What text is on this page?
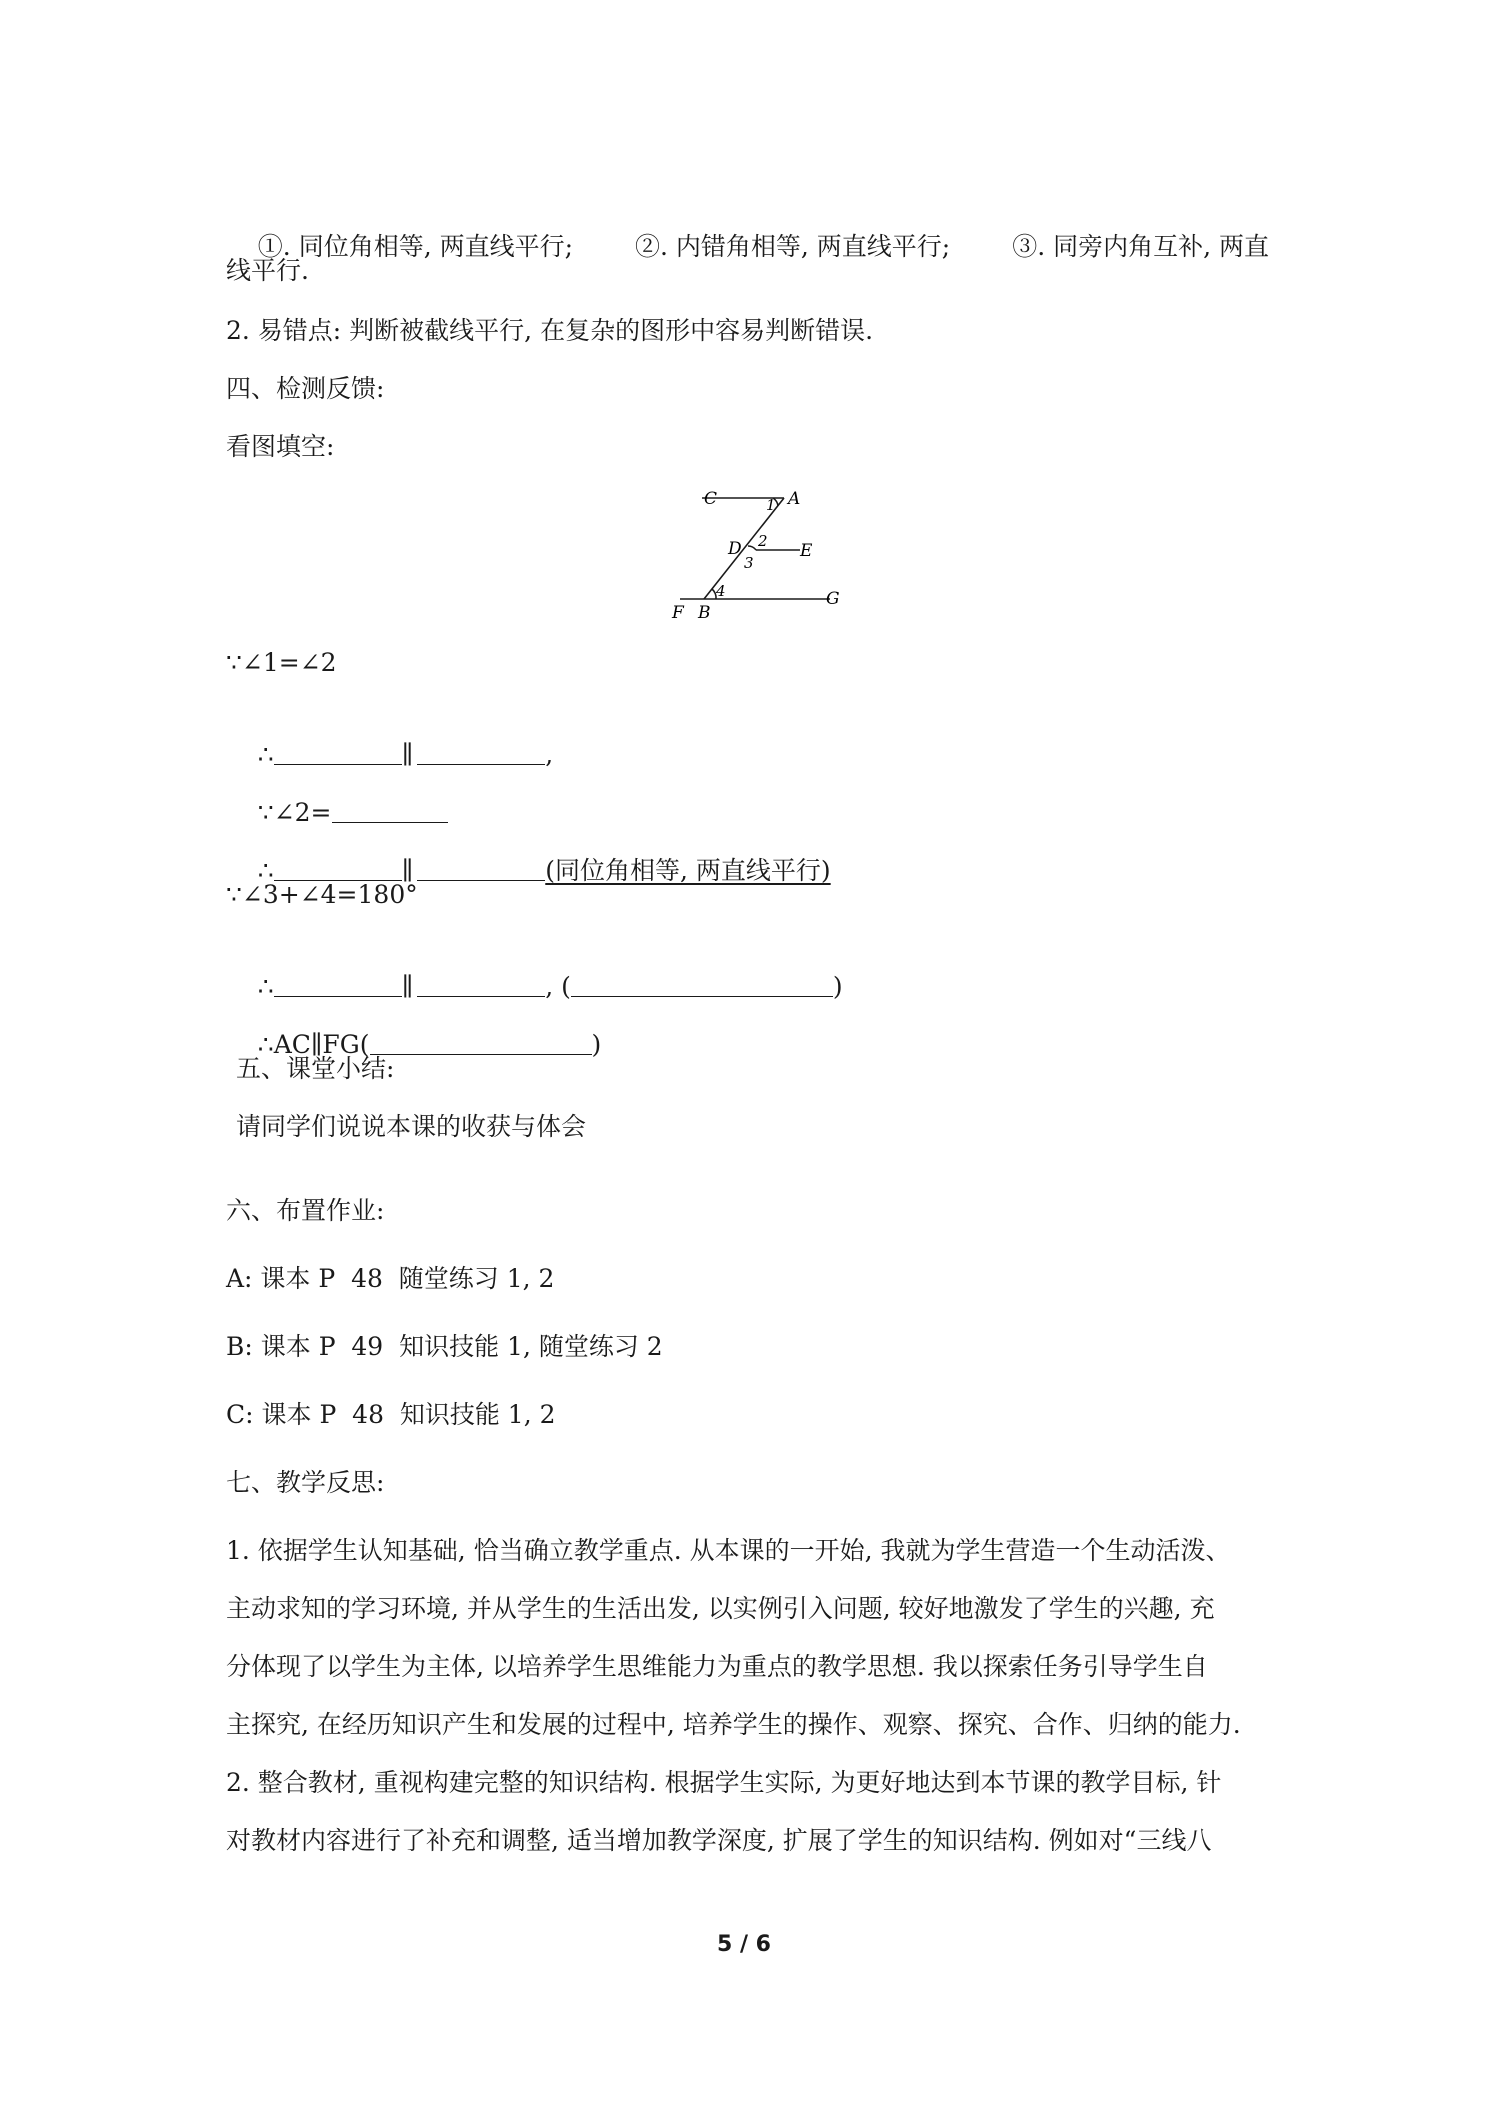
①. 同位角相等, 两直线平行; ②. 内错角相等, 两直线平行; ③. 同旁内角互补, 两直

线平行.
2. 易错点: 判断被截线平行, 在复杂的图形中容易判断错误.
四、检测反馈:
看图填空:
C	A
1
D 2 E
3
4
F B
G
∵∠1=∠2

∴	∥	,

∵∠2=

∴	∥	(同位角相等, 两直线平行)

∵∠3+∠4=180°

∴	∥	, (	)

∴AC∥FG(	)

五、课堂小结:
请同学们说说本课的收获与体会
六、布置作业:
A: 课本 P  48  随堂练习 1, 2
B: 课本 P  49  知识技能 1, 随堂练习 2
C: 课本 P  48  知识技能 1, 2
七、教学反思:
1. 依据学生认知基础, 恰当确立教学重点. 从本课的一开始, 我就为学生营造一个生动活泼、
主动求知的学习环境, 并从学生的生活出发, 以实例引入问题, 较好地激发了学生的兴趣, 充
分体现了以学生为主体, 以培养学生思维能力为重点的教学思想. 我以探索任务引导学生自
主探究, 在经历知识产生和发展的过程中, 培养学生的操作、观察、探究、合作、归纳的能力.
2. 整合教材, 重视构建完整的知识结构. 根据学生实际, 为更好地达到本节课的教学目标, 针
对教材内容进行了补充和调整, 适当增加教学深度, 扩展了学生的知识结构. 例如对“三线八
5 / 6
